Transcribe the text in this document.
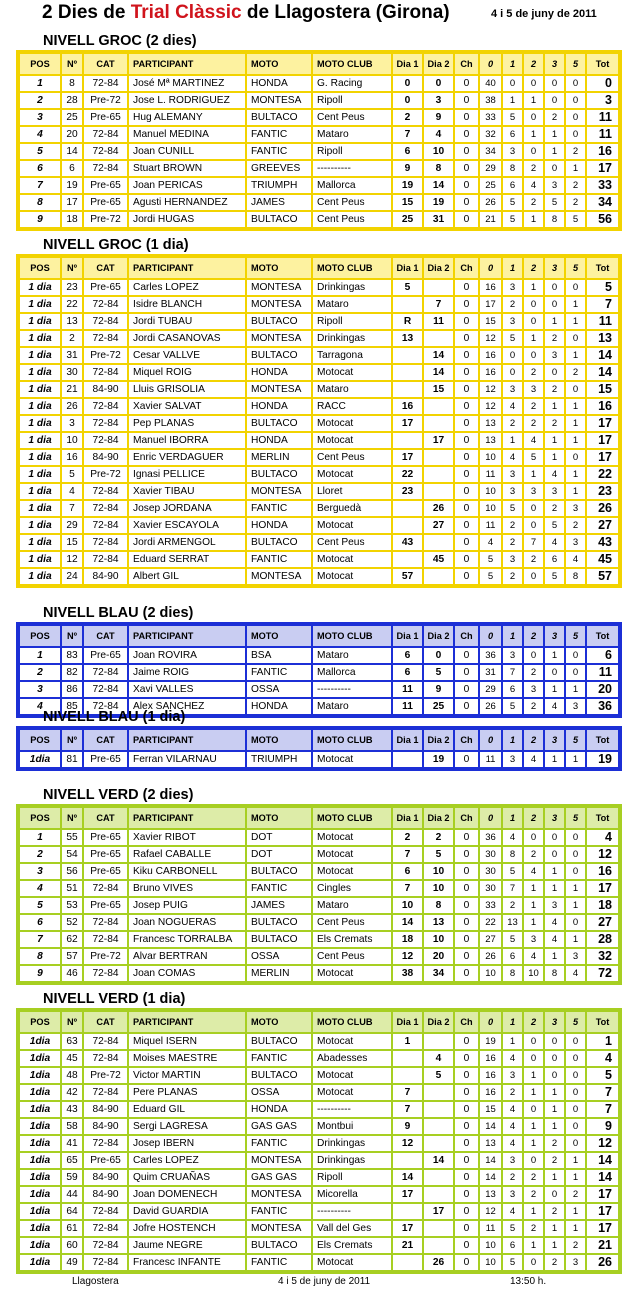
2 Dies de Trial Clàssic de Llagostera (Girona)	4 i 5 de juny de 2011
NIVELL GROC (2 dies)
POS	Nº	CAT	PARTICIPANT	MOTO	MOTO CLUB	Dia 1	Dia 2	Ch	0	1	2	3	5	Tot
1	8	72-84	José Mª MARTINEZ	HONDA	G. Racing	0	0	0	40	0	0	0	0	0
2	28	Pre-72	Jose L. RODRIGUEZ	MONTESA	Ripoll	0	3	0	38	1	1	0	0	3
3	25	Pre-65	Hug ALEMANY	BULTACO	Cent Peus	2	9	0	33	5	0	2	0	11
4	20	72-84	Manuel MEDINA	FANTIC	Mataro	7	4	0	32	6	1	1	0	11
5	14	72-84	Joan CUNILL	FANTIC	Ripoll	6	10	0	34	3	0	1	2	16
6	6	72-84	Stuart BROWN	GREEVES	----------	9	8	0	29	8	2	0	1	17
7	19	Pre-65	Joan PERICAS	TRIUMPH	Mallorca	19	14	0	25	6	4	3	2	33
8	17	Pre-65	Agusti HERNANDEZ	JAMES	Cent Peus	15	19	0	26	5	2	5	2	34
9	18	Pre-72	Jordi HUGAS	BULTACO	Cent Peus	25	31	0	21	5	1	8	5	56
NIVELL GROC (1 dia)
POS	Nº	CAT	PARTICIPANT	MOTO	MOTO CLUB	Dia 1	Dia 2	Ch	0	1	2	3	5	Tot
1 dia	23	Pre-65	Carles LOPEZ	MONTESA	Drinkingas	5		0	16	3	1	0	0	5
1 dia	22	72-84	Isidre BLANCH	MONTESA	Mataro		7	0	17	2	0	0	1	7
1 dia	13	72-84	Jordi TUBAU	BULTACO	Ripoll	R	11	0	15	3	0	1	1	11
1 dia	2	72-84	Jordi CASANOVAS	MONTESA	Drinkingas	13		0	12	5	1	2	0	13
1 dia	31	Pre-72	Cesar VALLVE	BULTACO	Tarragona		14	0	16	0	0	3	1	14
1 dia	30	72-84	Miquel ROIG	HONDA	Motocat		14	0	16	0	2	0	2	14
1 dia	21	84-90	Lluis GRISOLIA	MONTESA	Mataro		15	0	12	3	3	2	0	15
1 dia	26	72-84	Xavier SALVAT	HONDA	RACC	16		0	12	4	2	1	1	16
1 dia	3	72-84	Pep PLANAS	BULTACO	Motocat	17		0	13	2	2	2	1	17
1 dia	10	72-84	Manuel IBORRA	HONDA	Motocat		17	0	13	1	4	1	1	17
1 dia	16	84-90	Enric VERDAGUER	MERLIN	Cent Peus	17		0	10	4	5	1	0	17
1 dia	5	Pre-72	Ignasi PELLICE	BULTACO	Motocat	22		0	11	3	1	4	1	22
1 dia	4	72-84	Xavier TIBAU	MONTESA	Lloret	23		0	10	3	3	3	1	23
1 dia	7	72-84	Josep JORDANA	FANTIC	Berguedà		26	0	10	5	0	2	3	26
1 dia	29	72-84	Xavier ESCAYOLA	HONDA	Motocat		27	0	11	2	0	5	2	27
1 dia	15	72-84	Jordi ARMENGOL	BULTACO	Cent Peus	43		0	4	2	7	4	3	43
1 dia	12	72-84	Eduard SERRAT	FANTIC	Motocat		45	0	5	3	2	6	4	45
1 dia	24	84-90	Albert GIL	MONTESA	Motocat	57		0	5	2	0	5	8	57
NIVELL BLAU (2 dies)
POS	Nº	CAT	PARTICIPANT	MOTO	MOTO CLUB	Dia 1	Dia 2	Ch	0	1	2	3	5	Tot
1	83	Pre-65	Joan ROVIRA	BSA	Mataro	6	0	0	36	3	0	1	0	6
2	82	72-84	Jaime ROIG	FANTIC	Mallorca	6	5	0	31	7	2	0	0	11
3	86	72-84	Xavi VALLES	OSSA	----------	11	9	0	29	6	3	1	1	20
4	85	72-84	Alex SANCHEZ	HONDA	Mataro	11	25	0	26	5	2	4	3	36
NIVELL BLAU (1 dia)
POS	Nº	CAT	PARTICIPANT	MOTO	MOTO CLUB	Dia 1	Dia 2	Ch	0	1	2	3	5	Tot
1dia	81	Pre-65	Ferran VILARNAU	TRIUMPH	Motocat		19	0	11	3	4	1	1	19
NIVELL VERD (2 dies)
POS	Nº	CAT	PARTICIPANT	MOTO	MOTO CLUB	Dia 1	Dia 2	Ch	0	1	2	3	5	Tot
1	55	Pre-65	Xavier RIBOT	DOT	Motocat	2	2	0	36	4	0	0	0	4
2	54	Pre-65	Rafael CABALLE	DOT	Motocat	7	5	0	30	8	2	0	0	12
3	56	Pre-65	Kiku CARBONELL	BULTACO	Motocat	6	10	0	30	5	4	1	0	16
4	51	72-84	Bruno VIVES	FANTIC	Cingles	7	10	0	30	7	1	1	1	17
5	53	Pre-65	Josep PUIG	JAMES	Mataro	10	8	0	33	2	1	3	1	18
6	52	72-84	Joan NOGUERAS	BULTACO	Cent Peus	14	13	0	22	13	1	4	0	27
7	62	72-84	Francesc TORRALBA	BULTACO	Els Cremats	18	10	0	27	5	3	4	1	28
8	57	Pre-72	Alvar BERTRAN	OSSA	Cent Peus	12	20	0	26	6	4	1	3	32
9	46	72-84	Joan COMAS	MERLIN	Motocat	38	34	0	10	8	10	8	4	72
NIVELL VERD (1 dia)
POS	Nº	CAT	PARTICIPANT	MOTO	MOTO CLUB	Dia 1	Dia 2	Ch	0	1	2	3	5	Tot
1dia	63	72-84	Miquel ISERN	BULTACO	Motocat	1		0	19	1	0	0	0	1
1dia	45	72-84	Moises MAESTRE	FANTIC	Abadesses		4	0	16	4	0	0	0	4
1dia	48	Pre-72	Victor MARTIN	BULTACO	Motocat		5	0	16	3	1	0	0	5
1dia	42	72-84	Pere PLANAS	OSSA	Motocat	7		0	16	2	1	1	0	7
1dia	43	84-90	Eduard GIL	HONDA	----------	7		0	15	4	0	1	0	7
1dia	58	84-90	Sergi LAGRESA	GAS GAS	Montbui	9		0	14	4	1	1	0	9
1dia	41	72-84	Josep IBERN	FANTIC	Drinkingas	12		0	13	4	1	2	0	12
1dia	65	Pre-65	Carles LOPEZ	MONTESA	Drinkingas		14	0	14	3	0	2	1	14
1dia	59	84-90	Quim CRUAÑAS	GAS GAS	Ripoll	14		0	14	2	2	1	1	14
1dia	44	84-90	Joan DOMENECH	MONTESA	Micorella	17		0	13	3	2	0	2	17
1dia	64	72-84	David GUARDIA	FANTIC	----------		17	0	12	4	1	2	1	17
1dia	61	72-84	Jofre HOSTENCH	MONTESA	Vall del Ges	17		0	11	5	2	1	1	17
1dia	60	72-84	Jaume NEGRE	BULTACO	Els Cremats	21		0	10	6	1	1	2	21
1dia	49	72-84	Francesc INFANTE	FANTIC	Motocat		26	0	10	5	0	2	3	26
Llagostera	4 i 5 de juny de 2011	13:50 h.
